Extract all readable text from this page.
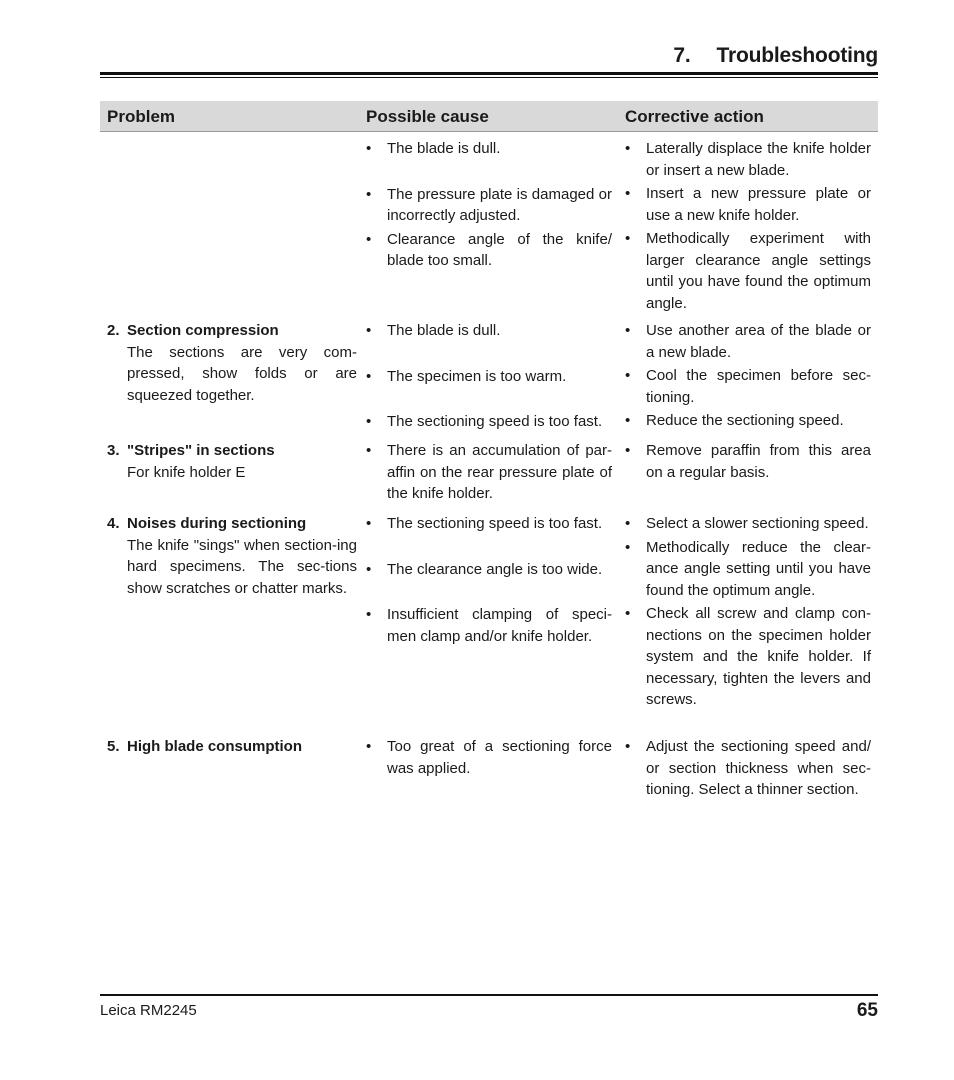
7. Troubleshooting
Problem	Possible cause	Corrective action
• The blade is dull.
• The pressure plate is damaged or incorrectly adjusted.
• Clearance angle of the knife/ blade too small.
• Laterally displace the knife holder or insert a new blade.
• Insert a new pressure plate or use a new knife holder.
• Methodically experiment with larger clearance angle settings until you have found the optimum angle.
2. Section compression
The sections are very com-pressed, show folds or are squeezed together.
• The blade is dull.
• The specimen is too warm.
• The sectioning speed is too fast.
• Use another area of the blade or a new blade.
• Cool the specimen before sec-tioning.
• Reduce the sectioning speed.
3. "Stripes" in sections
For knife holder E
• There is an accumulation of par-affin on the rear pressure plate of the knife holder.
• Remove paraffin from this area on a regular basis.
4. Noises during sectioning
The knife "sings" when section-ing hard specimens. The sec-tions show scratches or chatter marks.
• The sectioning speed is too fast.
• The clearance angle is too wide.
• Insufficient clamping of speci-men clamp and/or knife holder.
• Select a slower sectioning speed.
• Methodically reduce the clear-ance angle setting until you have found the optimum angle.
• Check all screw and clamp con-nections on the specimen holder system and the knife holder. If necessary, tighten the levers and screws.
5. High blade consumption
•	Too great of a sectioning force was applied.
• Adjust the sectioning speed and/ or section thickness when sec-tioning. Select a thinner section.
Leica RM2245	65
